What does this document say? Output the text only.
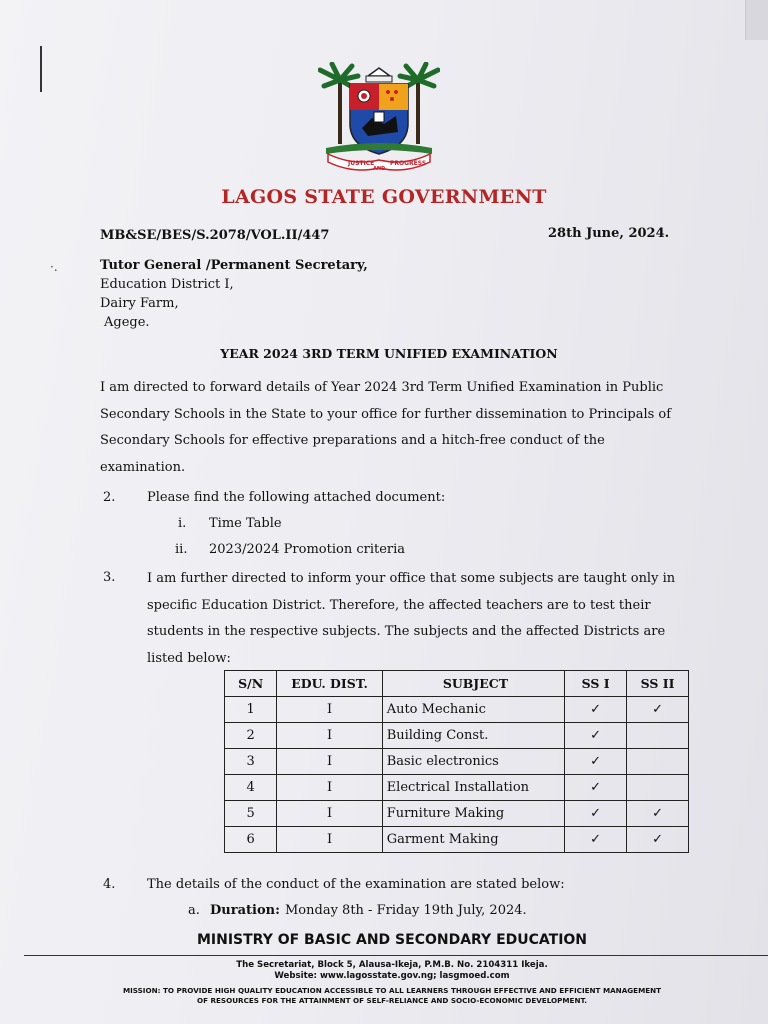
·.
JUSTICE
AND
PROGRESS
LAGOS STATE GOVERNMENT
MB&SE/BES/S.2078/VOL.II/447	28th June, 2024.
Tutor General /Permanent Secretary,
Education District I,
Dairy Farm,
Agege.
YEAR 2024 3RD TERM UNIFIED EXAMINATION
I am directed to forward details of Year 2024 3rd Term Unified Examination in Public Secondary Schools in the State to your office for further dissemination to Principals of Secondary Schools for effective preparations and a hitch-free conduct of the examination.
2. Please find the following attached document:
i. Time Table
ii. 2023/2024 Promotion criteria
3. I am further directed to inform your office that some subjects are taught only in specific Education District. Therefore, the affected teachers are to test their students in the respective subjects. The subjects and the affected Districts are listed below:
S/N	EDU. DIST.	SUBJECT	SS I	SS II
1	I	Auto Mechanic	✓	✓
2	I	Building Const.	✓	
3	I	Basic electronics	✓	
4	I	Electrical Installation	✓	
5	I	Furniture Making	✓	✓
6	I	Garment Making	✓	✓
4. The details of the conduct of the examination are stated below:
a. Duration: Monday 8th - Friday 19th July, 2024.
MINISTRY OF BASIC AND SECONDARY EDUCATION
The Secretariat, Block 5, Alausa-Ikeja, P.M.B. No. 2104311 Ikeja.
Website: www.lagosstate.gov.ng; lasgmoed.com
MISSION: TO PROVIDE HIGH QUALITY EDUCATION ACCESSIBLE TO ALL LEARNERS THROUGH EFFECTIVE AND EFFICIENT MANAGEMENT
OF RESOURCES FOR THE ATTAINMENT OF SELF-RELIANCE AND SOCIO-ECONOMIC DEVELOPMENT.
